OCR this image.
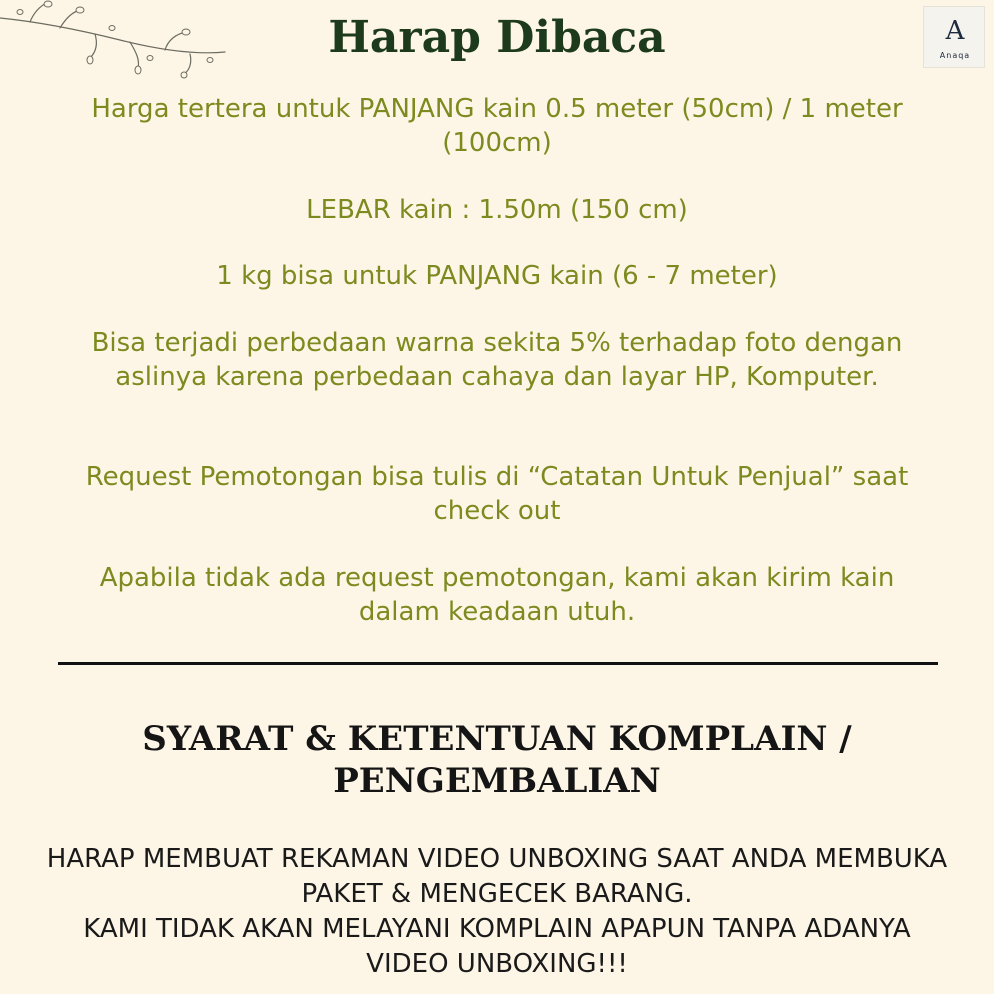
Harap Dibaca	A
Anaqa

Harga tertera untuk PANJANG kain 0.5 meter (50cm) / 1 meter (100cm)

LEBAR kain : 1.50m (150 cm)

1 kg bisa untuk PANJANG kain (6 - 7 meter)

Bisa terjadi perbedaan warna sekita 5% terhadap foto dengan aslinya karena perbedaan cahaya dan layar HP, Komputer.

Request Pemotongan bisa tulis di “Catatan Untuk Penjual” saat check out

Apabila tidak ada request pemotongan, kami akan kirim kain dalam keadaan utuh.

SYARAT & KETENTUAN KOMPLAIN / PENGEMBALIAN

HARAP MEMBUAT REKAMAN VIDEO UNBOXING SAAT ANDA MEMBUKA PAKET & MENGECEK BARANG.
KAMI TIDAK AKAN MELAYANI KOMPLAIN APAPUN TANPA ADANYA VIDEO UNBOXING!!!
